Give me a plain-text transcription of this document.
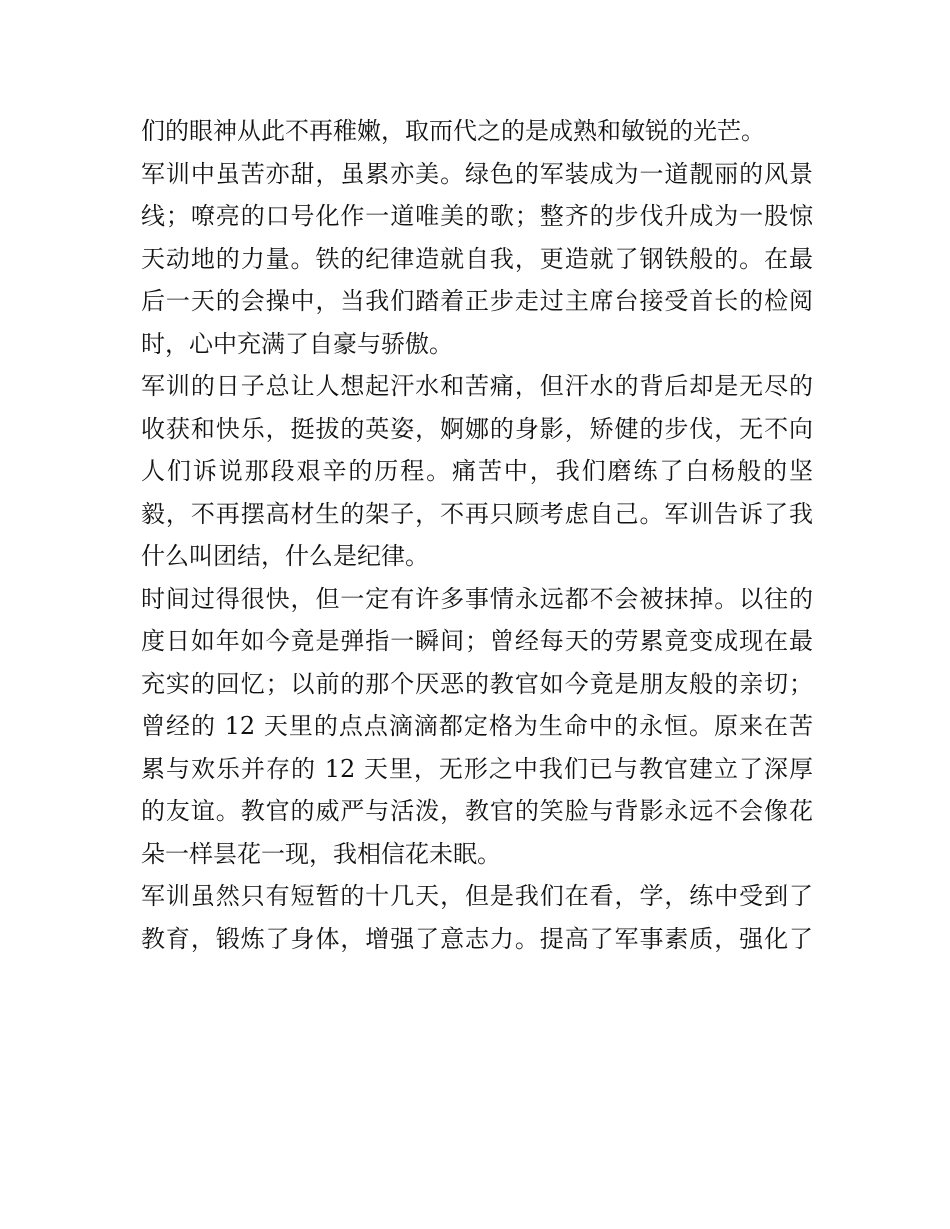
们的眼神从此不再稚嫩，取而代之的是成熟和敏锐的光芒。
军训中虽苦亦甜，虽累亦美。绿色的军装成为一道靓丽的风景
线；嘹亮的口号化作一道唯美的歌；整齐的步伐升成为一股惊
天动地的力量。铁的纪律造就自我，更造就了钢铁般的。在最
后一天的会操中，当我们踏着正步走过主席台接受首长的检阅
时，心中充满了自豪与骄傲。
军训的日子总让人想起汗水和苦痛，但汗水的背后却是无尽的
收获和快乐，挺拔的英姿，婀娜的身影，矫健的步伐，无不向
人们诉说那段艰辛的历程。痛苦中，我们磨练了白杨般的坚
毅，不再摆高材生的架子，不再只顾考虑自己。军训告诉了我
什么叫团结，什么是纪律。
时间过得很快，但一定有许多事情永远都不会被抹掉。以往的
度日如年如今竟是弹指一瞬间；曾经每天的劳累竟变成现在最
充实的回忆；以前的那个厌恶的教官如今竟是朋友般的亲切；
曾经的 12 天里的点点滴滴都定格为生命中的永恒。原来在苦
累与欢乐并存的 12 天里，无形之中我们已与教官建立了深厚
的友谊。教官的威严与活泼，教官的笑脸与背影永远不会像花
朵一样昙花一现，我相信花未眠。
军训虽然只有短暂的十几天，但是我们在看，学，练中受到了
教育，锻炼了身体，增强了意志力。提高了军事素质，强化了
